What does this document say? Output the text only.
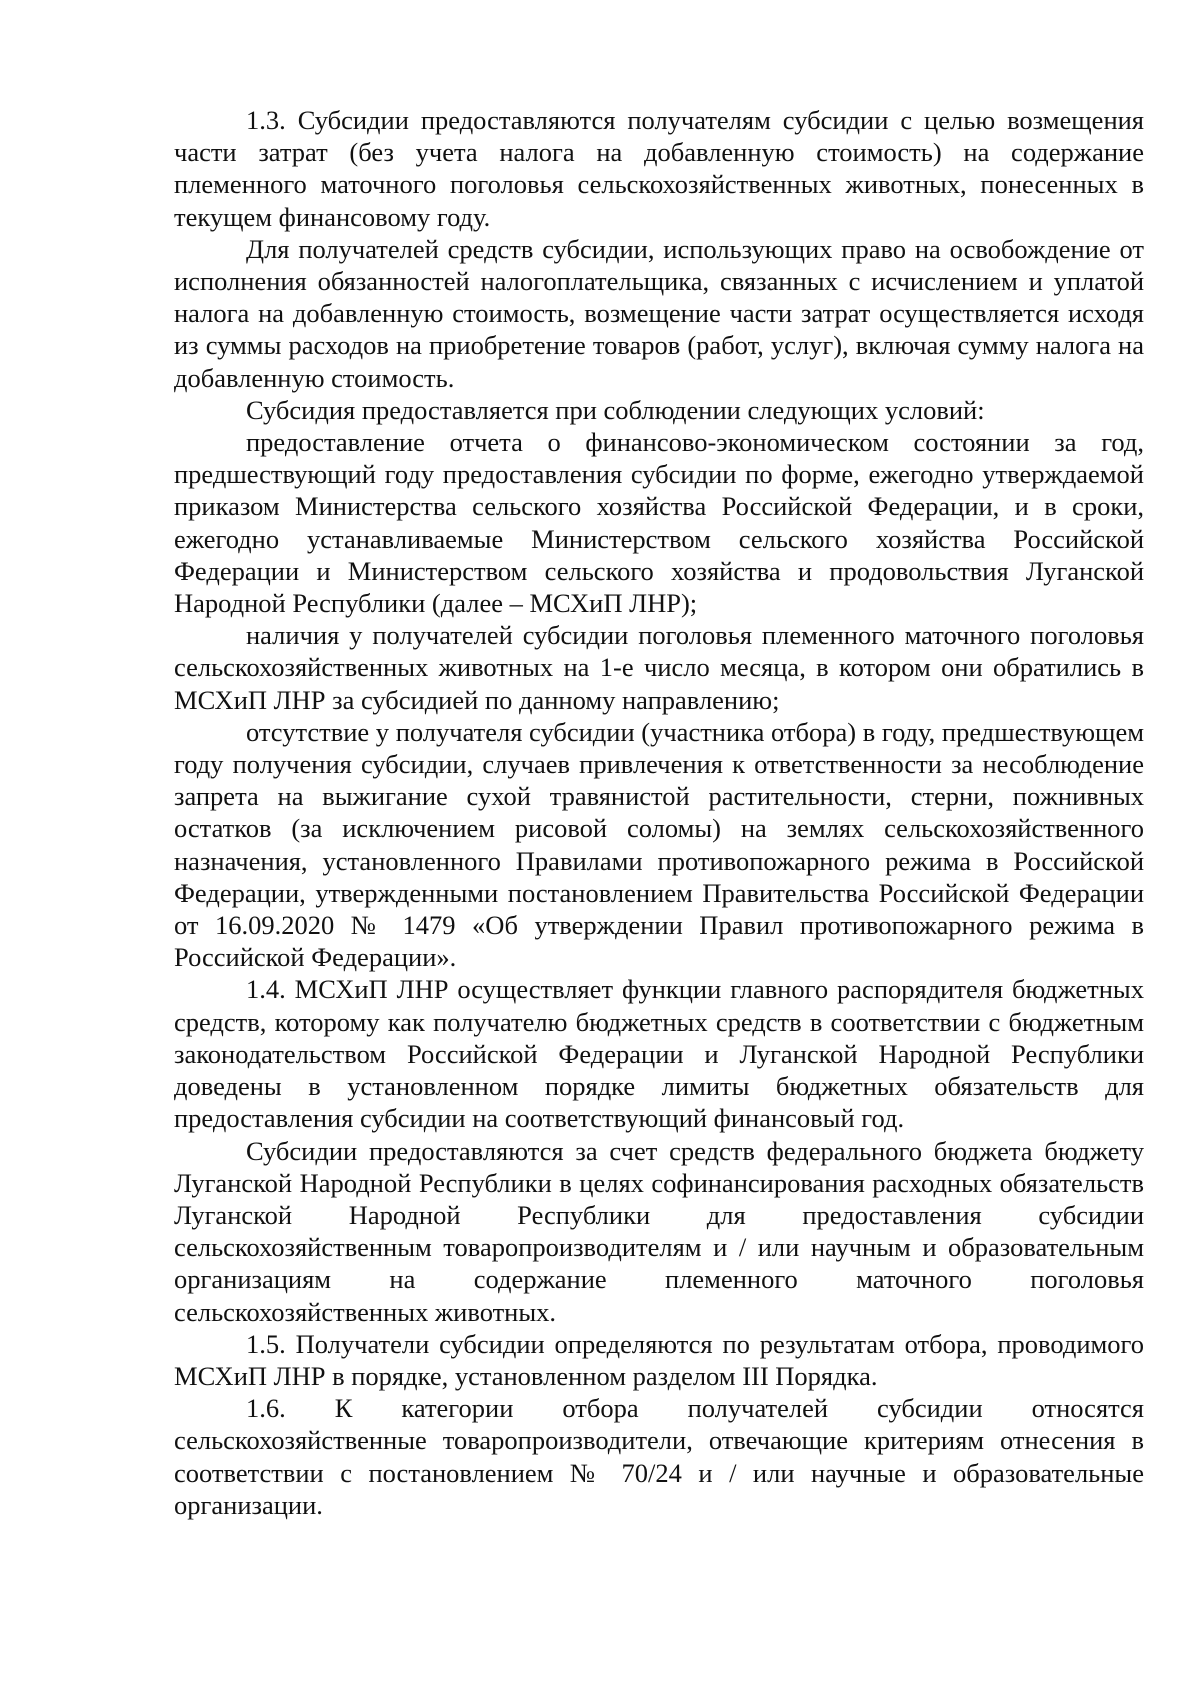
1.3. Субсидии предоставляются получателям субсидии с целью возмещения части затрат (без учета налога на добавленную стоимость) на содержание племенного маточного поголовья сельскохозяйственных животных, понесенных в текущем финансовому году.

Для получателей средств субсидии, использующих право на освобождение от исполнения обязанностей налогоплательщика, связанных с исчислением и уплатой налога на добавленную стоимость, возмещение части затрат осуществляется исходя из суммы расходов на приобретение товаров (работ, услуг), включая сумму налога на добавленную стоимость.

Субсидия предоставляется при соблюдении следующих условий:

предоставление отчета о финансово-экономическом состоянии за год, предшествующий году предоставления субсидии по форме, ежегодно утверждаемой приказом Министерства сельского хозяйства Российской Федерации, и в сроки, ежегодно устанавливаемые Министерством сельского хозяйства Российской Федерации и Министерством сельского хозяйства и продовольствия Луганской Народной Республики (далее – МСХиП ЛНР);

наличия у получателей субсидии поголовья племенного маточного поголовья сельскохозяйственных животных на 1-е число месяца, в котором они обратились в МСХиП ЛНР за субсидией по данному направлению;

отсутствие у получателя субсидии (участника отбора) в году, предшествующем году получения субсидии, случаев привлечения к ответственности за несоблюдение запрета на выжигание сухой травянистой растительности, стерни, пожнивных остатков (за исключением рисовой соломы) на землях сельскохозяйственного назначения, установленного Правилами противопожарного режима в Российской Федерации, утвержденными постановлением Правительства Российской Федерации от 16.09.2020 № 1479 «Об утверждении Правил противопожарного режима в Российской Федерации».

1.4. МСХиП ЛНР осуществляет функции главного распорядителя бюджетных средств, которому как получателю бюджетных средств в соответствии с бюджетным законодательством Российской Федерации и Луганской Народной Республики доведены в установленном порядке лимиты бюджетных обязательств для предоставления субсидии на соответствующий финансовый год.

Субсидии предоставляются за счет средств федерального бюджета бюджету Луганской Народной Республики в целях софинансирования расходных обязательств Луганской Народной Республики для предоставления субсидии сельскохозяйственным товаропроизводителям и / или научным и образовательным организациям на содержание племенного маточного поголовья сельскохозяйственных животных.

1.5. Получатели субсидии определяются по результатам отбора, проводимого МСХиП ЛНР в порядке, установленном разделом III Порядка.

1.6. К категории отбора получателей субсидии относятся сельскохозяйственные товаропроизводители, отвечающие критериям отнесения в соответствии с постановлением № 70/24 и / или научные и образовательные организации.
